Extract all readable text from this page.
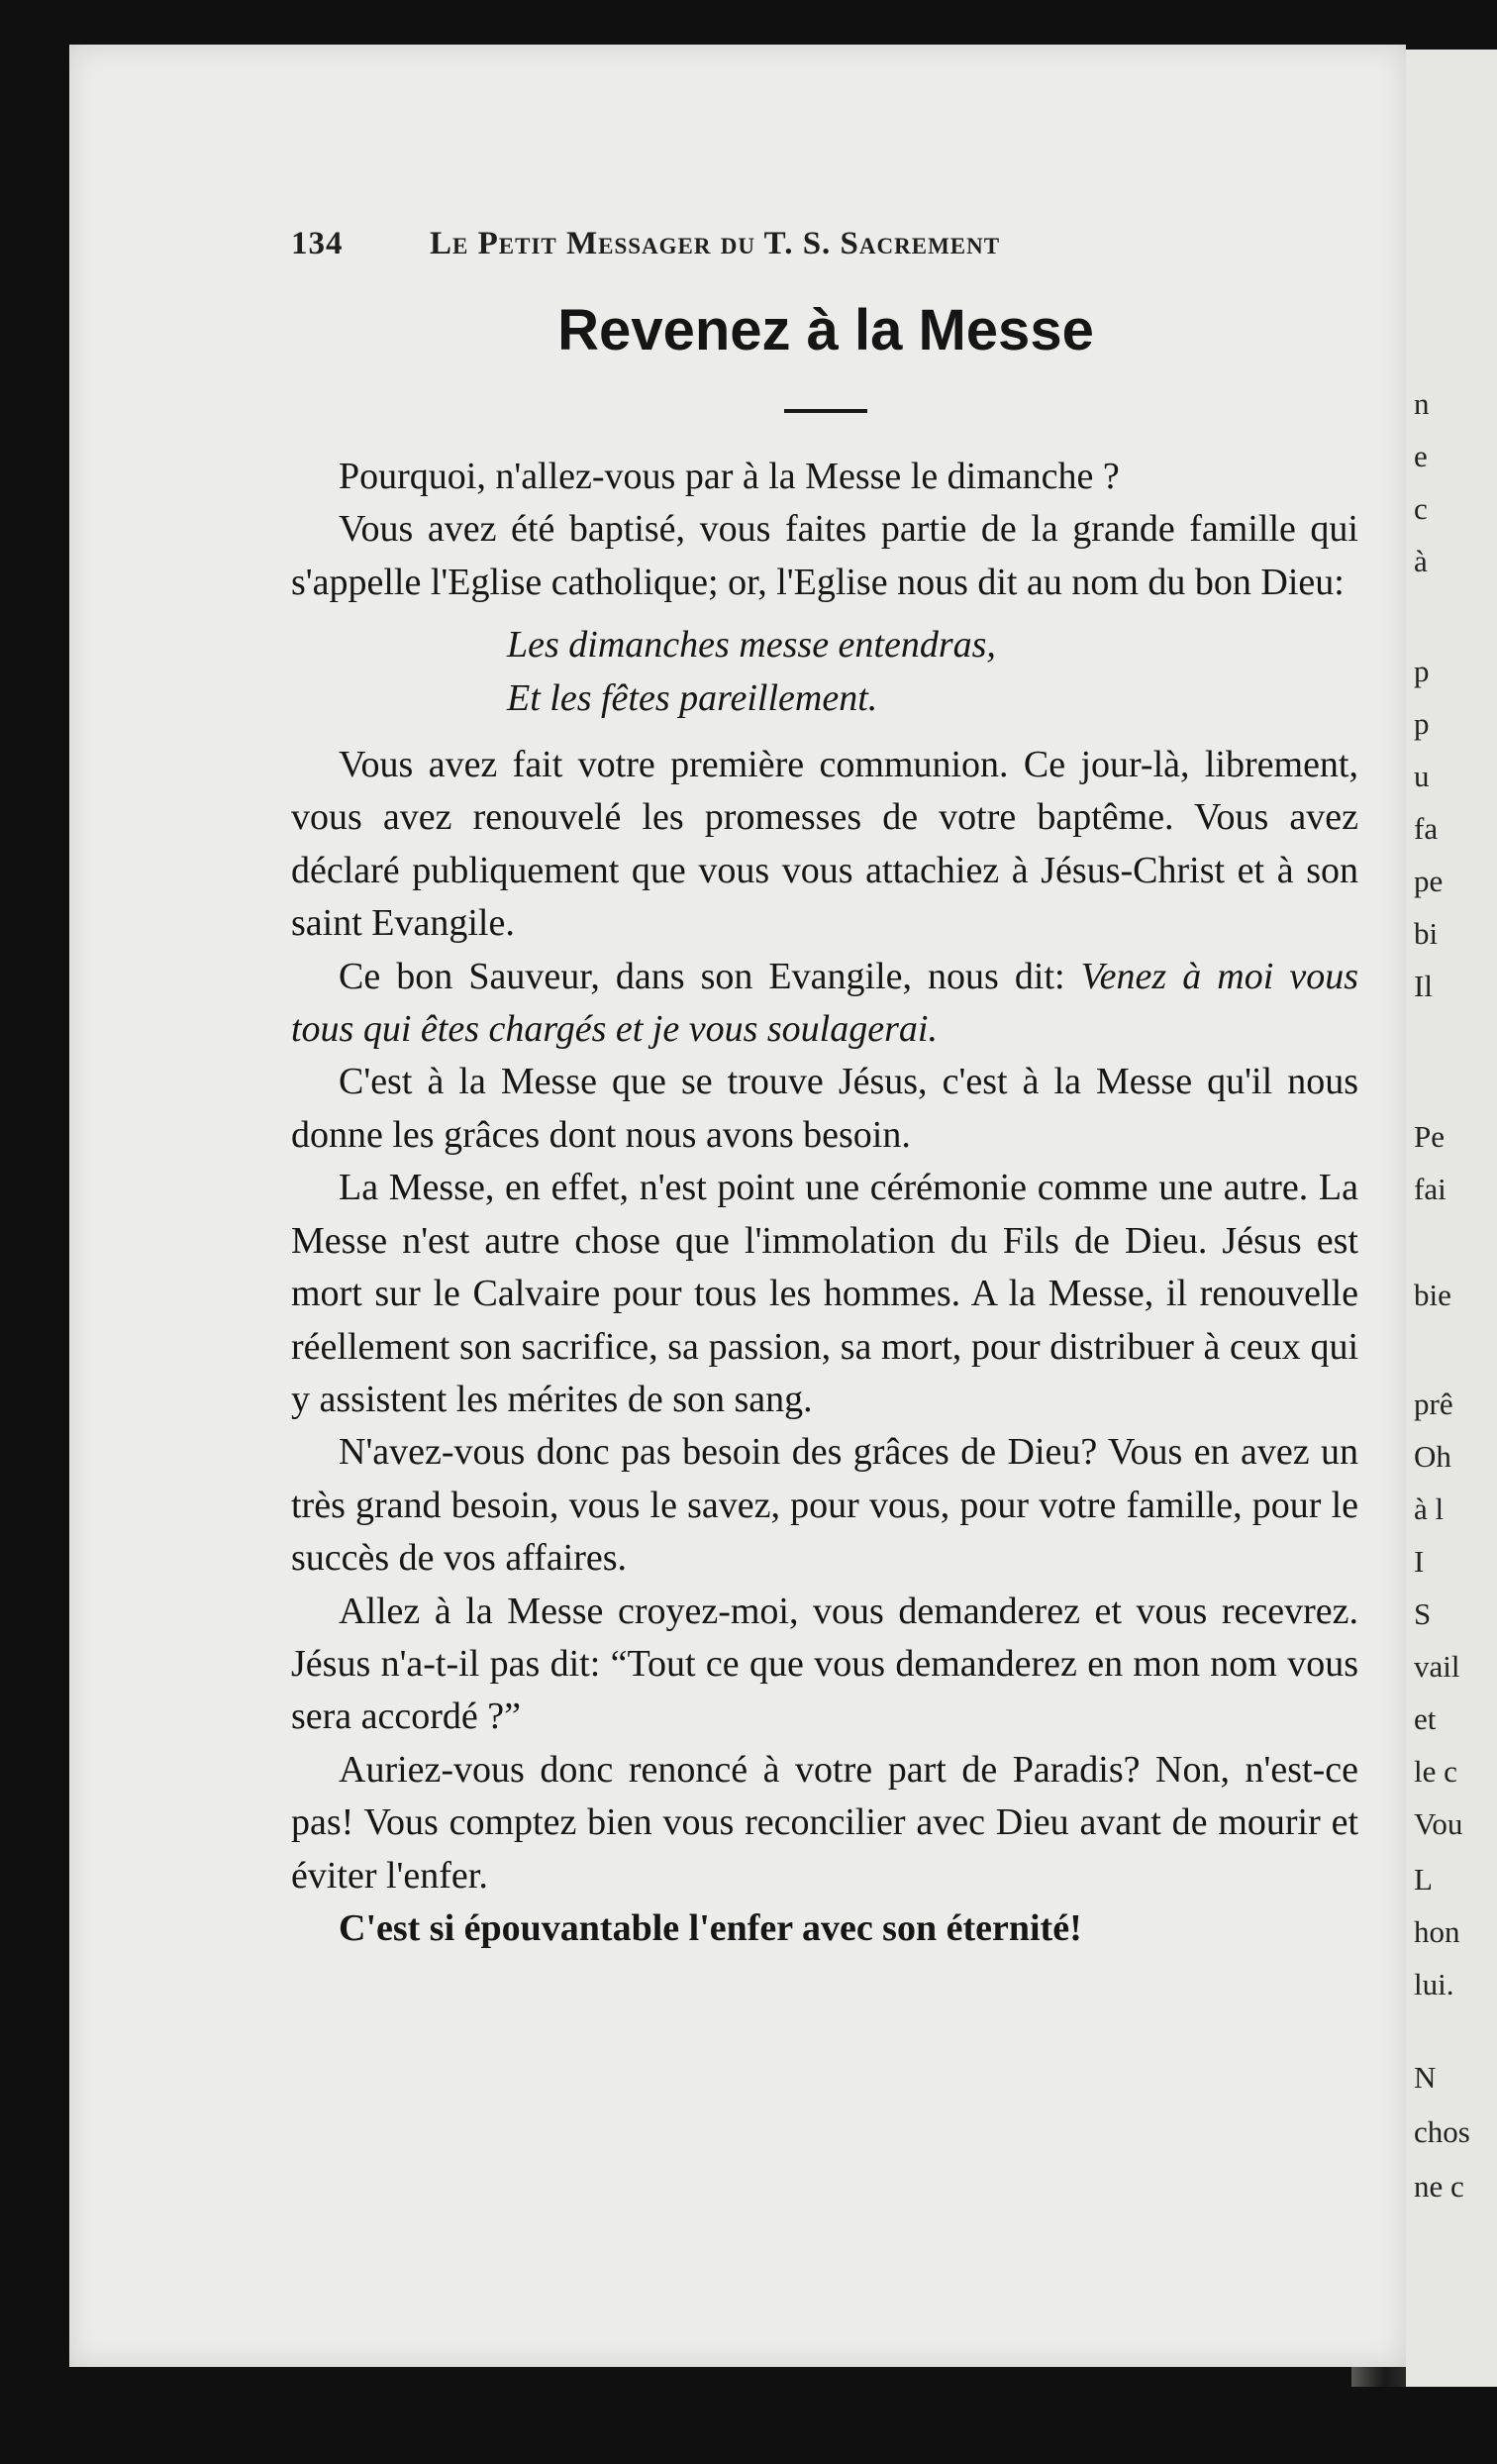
n
e
c
à
p
p
u
fa
pe
bi
Il
Pe
fai
bie
prê
Oh
à l
I
S
vail
et
le c
Vou
L
hon
lui.
N
chos
ne c
134	Le Petit Messager du T. S. Sacrement
Revenez à la Messe

Pourquoi, n'allez-vous par à la Messe le dimanche ?

Vous avez été baptisé, vous faites partie de la grande famille qui s'appelle l'Eglise catholique; or, l'Eglise nous dit au nom du bon Dieu:

Les dimanches messe entendras,
Et les fêtes pareillement.

Vous avez fait votre première communion. Ce jour-là, librement, vous avez renouvelé les promesses de votre baptême. Vous avez déclaré publiquement que vous vous attachiez à Jésus-Christ et à son saint Evangile.

Ce bon Sauveur, dans son Evangile, nous dit: Venez à moi vous tous qui êtes chargés et je vous soulagerai.

C'est à la Messe que se trouve Jésus, c'est à la Messe qu'il nous donne les grâces dont nous avons besoin.

La Messe, en effet, n'est point une cérémonie comme une autre. La Messe n'est autre chose que l'immolation du Fils de Dieu. Jésus est mort sur le Calvaire pour tous les hommes. A la Messe, il renouvelle réellement son sacrifice, sa passion, sa mort, pour distribuer à ceux qui y assistent les mérites de son sang.

N'avez-vous donc pas besoin des grâces de Dieu? Vous en avez un très grand besoin, vous le savez, pour vous, pour votre famille, pour le succès de vos affaires.

Allez à la Messe croyez-moi, vous demanderez et vous recevrez. Jésus n'a-t-il pas dit: “Tout ce que vous demanderez en mon nom vous sera accordé ?”

Auriez-vous donc renoncé à votre part de Paradis? Non, n'est-ce pas! Vous comptez bien vous reconcilier avec Dieu avant de mourir et éviter l'enfer.

C'est si épouvantable l'enfer avec son éternité!
